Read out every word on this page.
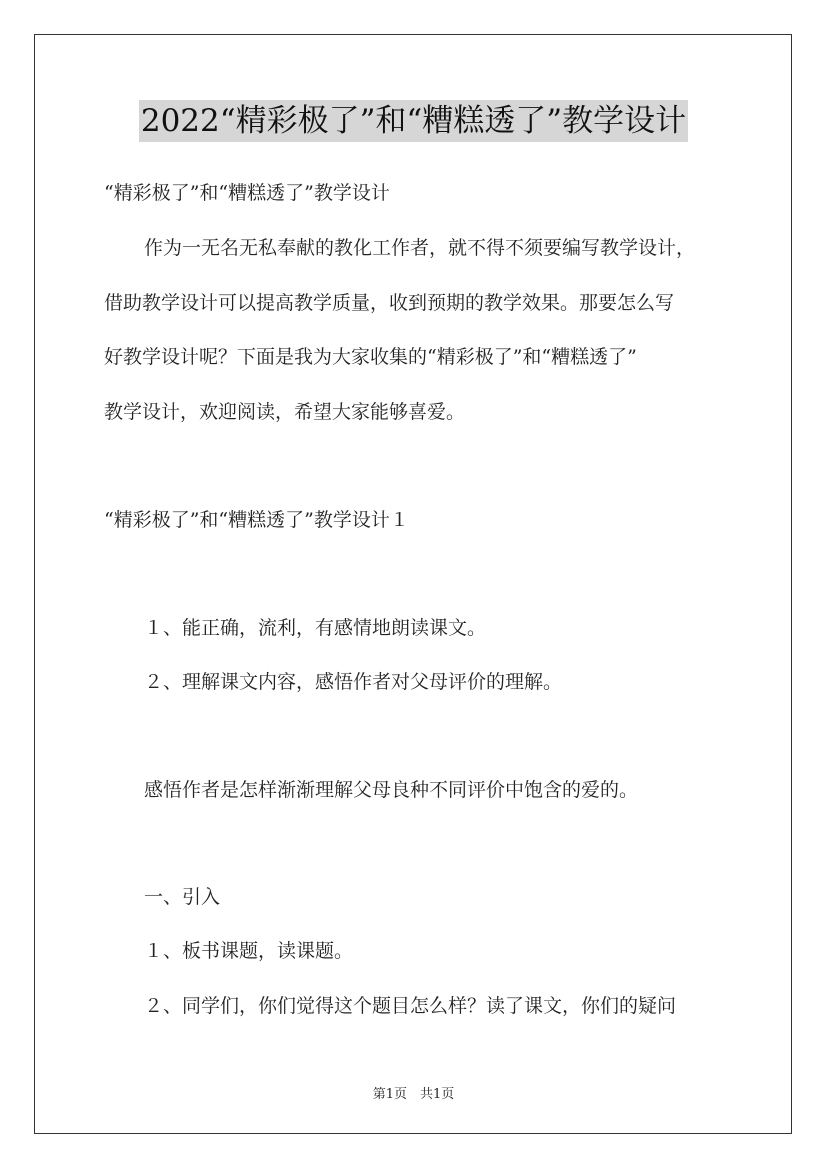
2022“精彩极了”和“糟糕透了”教学设计
“精彩极了”和“糟糕透了”教学设计
作为一无名无私奉献的教化工作者，就不得不须要编写教学设计，
借助教学设计可以提高教学质量，收到预期的教学效果。那要怎么写
好教学设计呢？下面是我为大家收集的“精彩极了”和“糟糕透了”
教学设计，欢迎阅读，希望大家能够喜爱。
“精彩极了”和“糟糕透了”教学设计１
１、能正确，流利，有感情地朗读课文。
２、理解课文内容，感悟作者对父母评价的理解。
感悟作者是怎样渐渐理解父母良种不同评价中饱含的爱的。
一、引入
１、板书课题，读课题。
２、同学们，你们觉得这个题目怎么样？读了课文，你们的疑问
第1页　共1页
